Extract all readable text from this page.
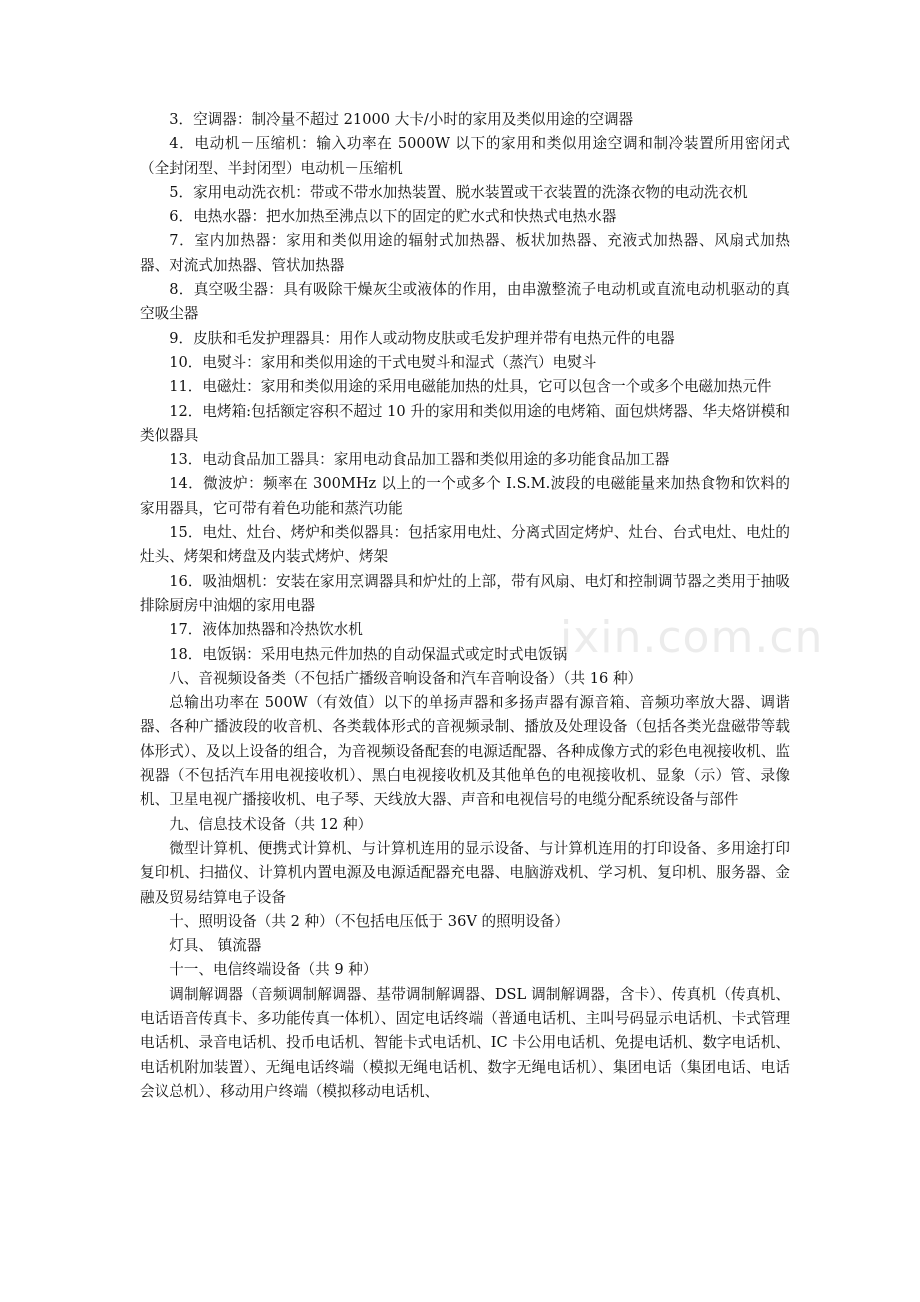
3．空调器：制冷量不超过 21000 大卡/小时的家用及类似用途的空调器

4．电动机－压缩机：输入功率在 5000W 以下的家用和类似用途空调和制冷装置所用密闭式（全封闭型、半封闭型）电动机－压缩机

5．家用电动洗衣机：带或不带水加热装置、脱水装置或干衣装置的洗涤衣物的电动洗衣机

6．电热水器：把水加热至沸点以下的固定的贮水式和快热式电热水器

7．室内加热器：家用和类似用途的辐射式加热器、板状加热器、充液式加热器、风扇式加热器、对流式加热器、管状加热器

8．真空吸尘器：具有吸除干燥灰尘或液体的作用，由串激整流子电动机或直流电动机驱动的真空吸尘器

9．皮肤和毛发护理器具：用作人或动物皮肤或毛发护理并带有电热元件的电器

10．电熨斗：家用和类似用途的干式电熨斗和湿式（蒸汽）电熨斗

11．电磁灶：家用和类似用途的采用电磁能加热的灶具，它可以包含一个或多个电磁加热元件

12．电烤箱:包括额定容积不超过 10 升的家用和类似用途的电烤箱、面包烘烤器、华夫烙饼模和类似器具

13．电动食品加工器具：家用电动食品加工器和类似用途的多功能食品加工器

14．微波炉：频率在 300MHz 以上的一个或多个 I.S.M.波段的电磁能量来加热食物和饮料的家用器具，它可带有着色功能和蒸汽功能

15．电灶、灶台、烤炉和类似器具：包括家用电灶、分离式固定烤炉、灶台、台式电灶、电灶的灶头、烤架和烤盘及内装式烤炉、烤架

16．吸油烟机：安装在家用烹调器具和炉灶的上部，带有风扇、电灯和控制调节器之类用于抽吸排除厨房中油烟的家用电器

17．液体加热器和冷热饮水机

18．电饭锅：采用电热元件加热的自动保温式或定时式电饭锅

八、音视频设备类（不包括广播级音响设备和汽车音响设备）（共 16 种）

总输出功率在 500W（有效值）以下的单扬声器和多扬声器有源音箱、音频功率放大器、调谐器、各种广播波段的收音机、各类载体形式的音视频录制、播放及处理设备（包括各类光盘磁带等载体形式）、及以上设备的组合，为音视频设备配套的电源适配器、各种成像方式的彩色电视接收机、监视器（不包括汽车用电视接收机）、黑白电视接收机及其他单色的电视接收机、显象（示）管、录像机、卫星电视广播接收机、电子琴、天线放大器、声音和电视信号的电缆分配系统设备与部件

九、信息技术设备（共 12 种）

微型计算机、便携式计算机、与计算机连用的显示设备、与计算机连用的打印设备、多用途打印复印机、扫描仪、计算机内置电源及电源适配器充电器、电脑游戏机、学习机、复印机、服务器、金融及贸易结算电子设备

十、照明设备（共 2 种）（不包括电压低于 36V 的照明设备）

灯具、 镇流器

十一、电信终端设备（共 9 种）

调制解调器（音频调制解调器、基带调制解调器、DSL 调制解调器，含卡）、传真机（传真机、电话语音传真卡、多功能传真一体机）、固定电话终端（普通电话机、主叫号码显示电话机、卡式管理电话机、录音电话机、投币电话机、智能卡式电话机、IC 卡公用电话机、免提电话机、数字电话机、电话机附加装置）、无绳电话终端（模拟无绳电话机、数字无绳电话机）、集团电话（集团电话、电话会议总机）、移动用户终端（模拟移动电话机、

ixin.com.cn
